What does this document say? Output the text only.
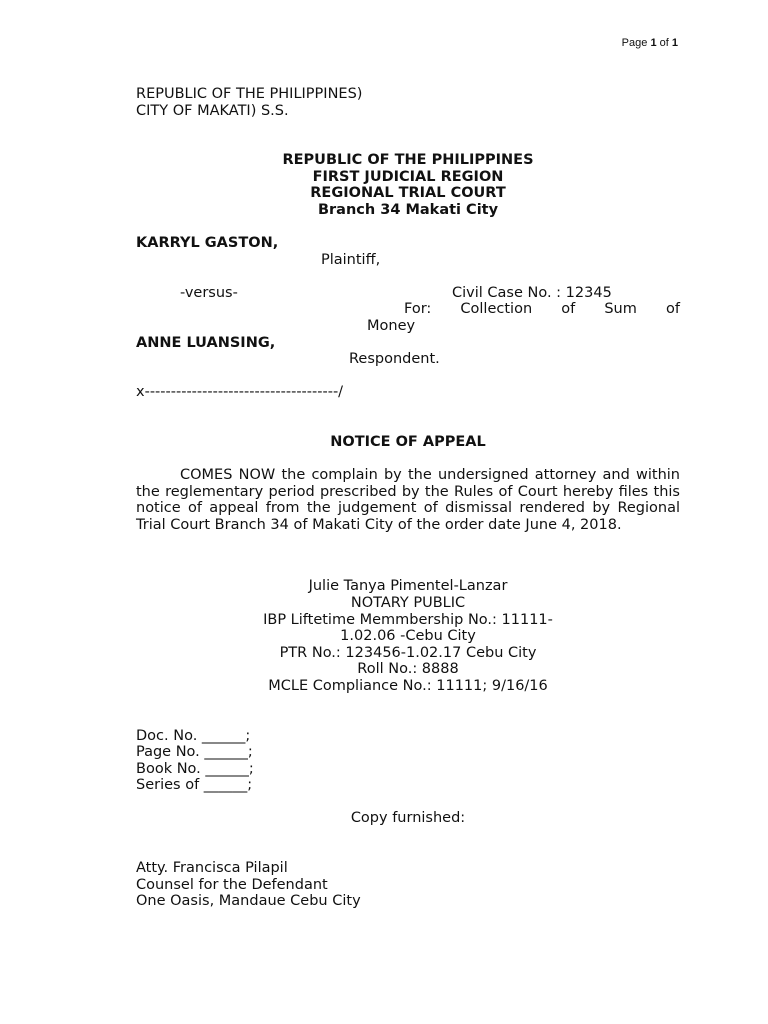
Page 1 of 1
REPUBLIC OF THE PHILIPPINES)
CITY OF MAKATI) S.S.
REPUBLIC OF THE PHILIPPINES
FIRST JUDICIAL REGION
REGIONAL TRIAL COURT
Branch 34 Makati City
KARRYL GASTON,
Plaintiff,
-versus-	Civil Case No. : 12345
For: Collection of Sum of
Money
ANNE LUANSING,
Respondent.
x-------------------------------------/
NOTICE OF APPEAL
COMES NOW the complain by the undersigned attorney and within the reglementary period prescribed by the Rules of Court hereby files this notice of appeal from the judgement of dismissal rendered by Regional Trial Court Branch 34 of Makati City of the order date June 4, 2018.
Julie Tanya Pimentel-Lanzar
NOTARY PUBLIC
IBP Liftetime Memmbership No.: 11111-
1.02.06 -Cebu City
PTR No.: 123456-1.02.17 Cebu City
Roll No.: 8888
MCLE Compliance No.: 11111; 9/16/16
Doc. No. ______;
Page No. ______;
Book No. ______;
Series of ______;
Copy furnished:
Atty. Francisca Pilapil
Counsel for the Defendant
One Oasis, Mandaue Cebu City
